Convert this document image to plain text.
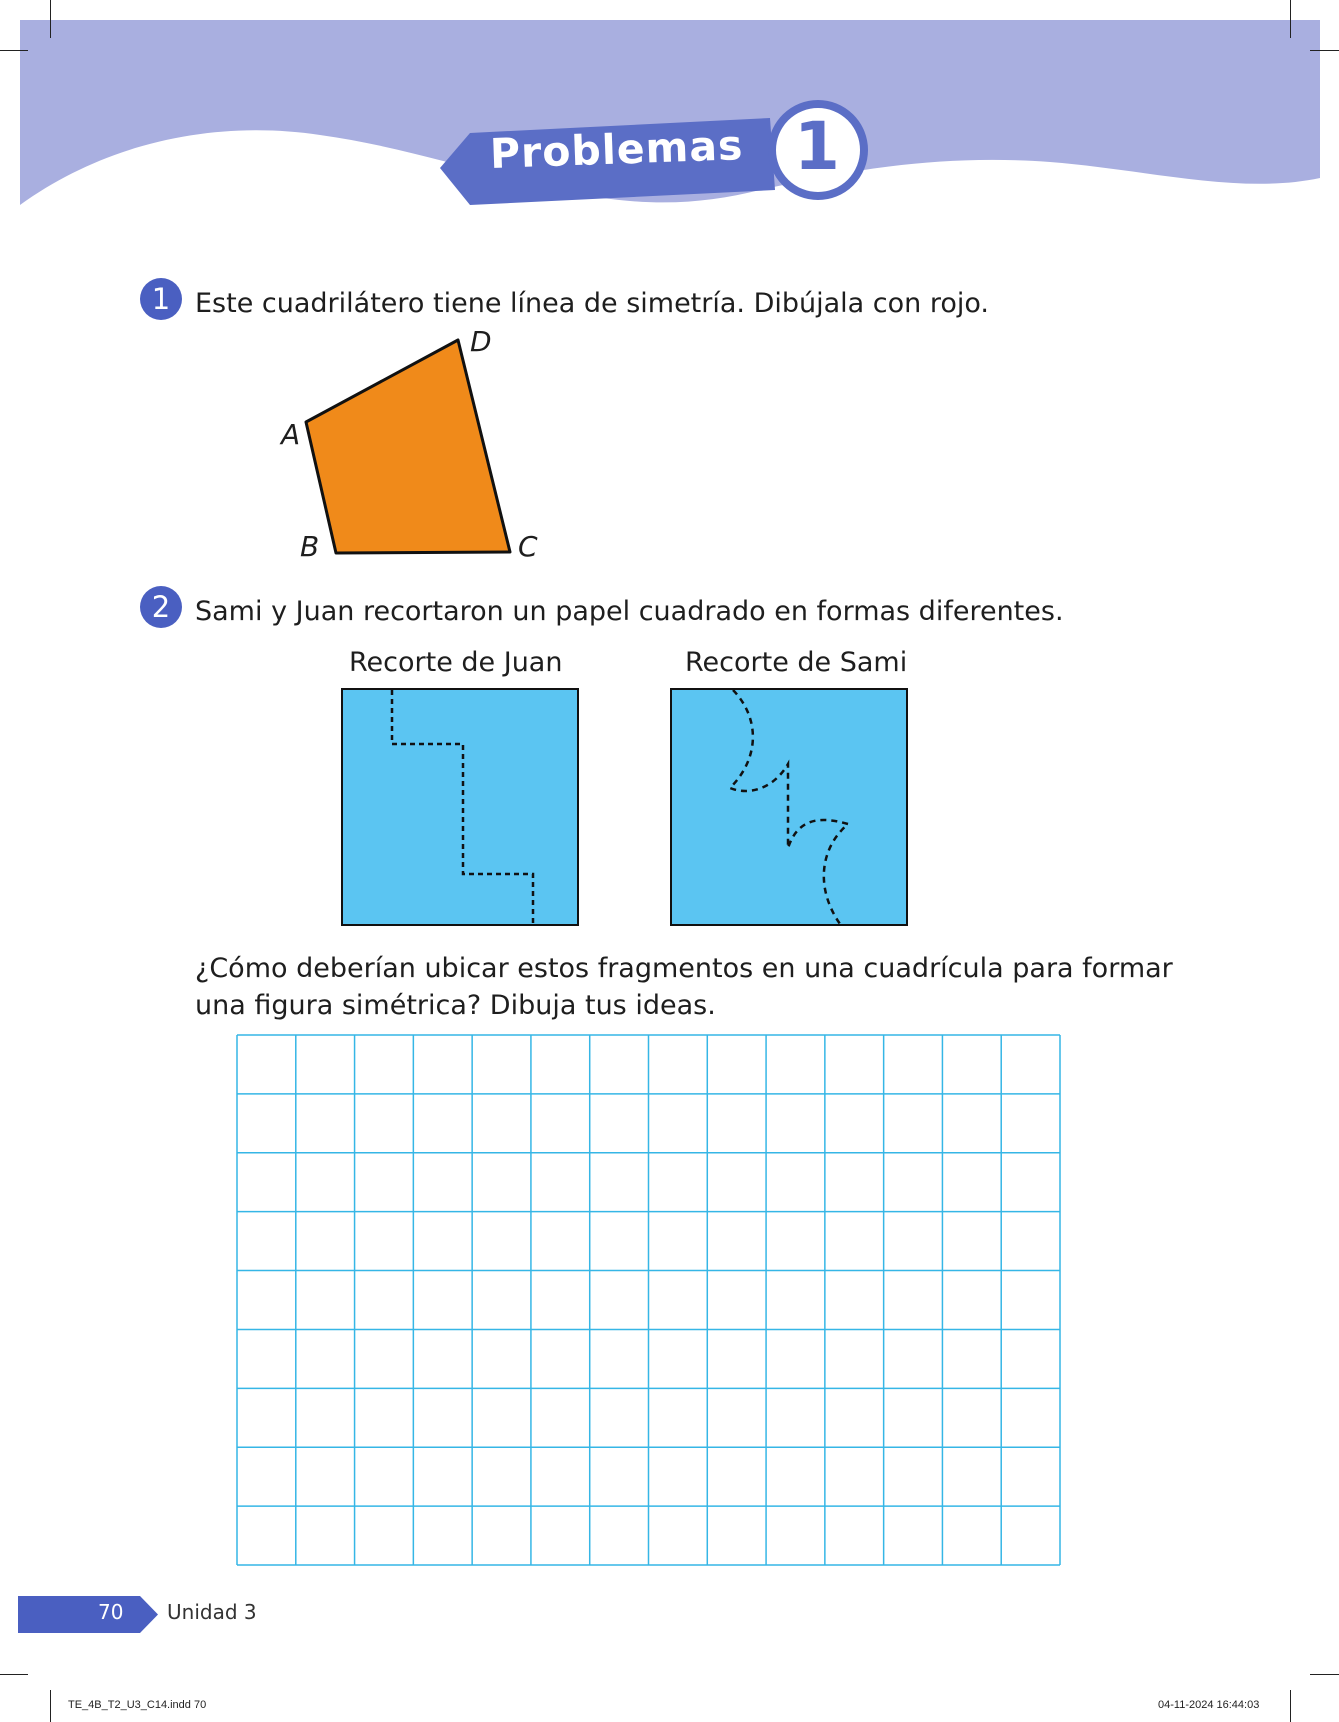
Problemas 1
1 Este cuadrilátero tiene línea de simetría. Dibújala con rojo.
A
B	C
D
2 Sami y Juan recortaron un papel cuadrado en formas diferentes.
Recorte de Juan	Recorte de Sami
¿Cómo deberían ubicar estos fragmentos en una cuadrícula para formar
una figura simétrica? Dibuja tus ideas.
70 Unidad 3
TE_4B_T2_U3_C14.indd 70	04-11-2024 16:44:03
